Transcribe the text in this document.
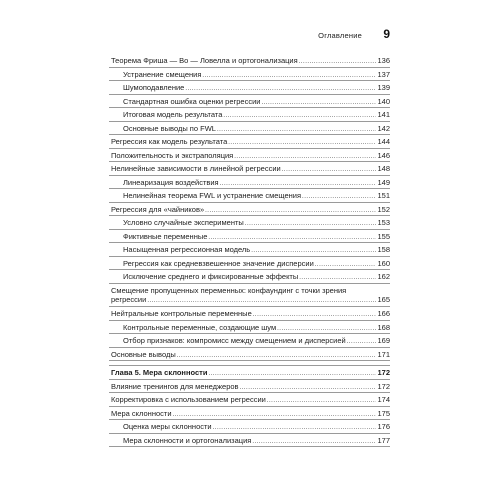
Оглавление 9
Теорема Фриша — Во — Ловелла и ортогонализация .....	136
Устранение смещения .....	137
Шумоподавление .....	139
Стандартная ошибка оценки регрессии .....	140
Итоговая модель результата .....	141
Основные выводы по FWL .....	142
Регрессия как модель результата .....	144
Положительность и экстраполяция .....	146
Нелинейные зависимости в линейной регрессии .....	148
Линеаризация воздействия .....	149
Нелинейная теорема FWL и устранение смещения .....	151
Регрессия для «чайников» .....	152
Условно случайные эксперименты .....	153
Фиктивные переменные .....	155
Насыщенная регрессионная модель .....	158
Регрессия как средневзвешенное значение дисперсии .....	160
Исключение среднего и фиксированные эффекты .....	162
Смещение пропущенных переменных: конфаундинг с точки зрения
регрессии .....	165
Нейтральные контрольные переменные .....	166
Контрольные переменные, создающие шум .....	168
Отбор признаков: компромисс между смещением и дисперсией .....	169
Основные выводы .....	171
Глава 5. Мера склонности .....	172
Влияние тренингов для менеджеров .....	172
Корректировка с использованием регрессии .....	174
Мера склонности .....	175
Оценка меры склонности .....	176
Мера склонности и ортогонализация .....	177
